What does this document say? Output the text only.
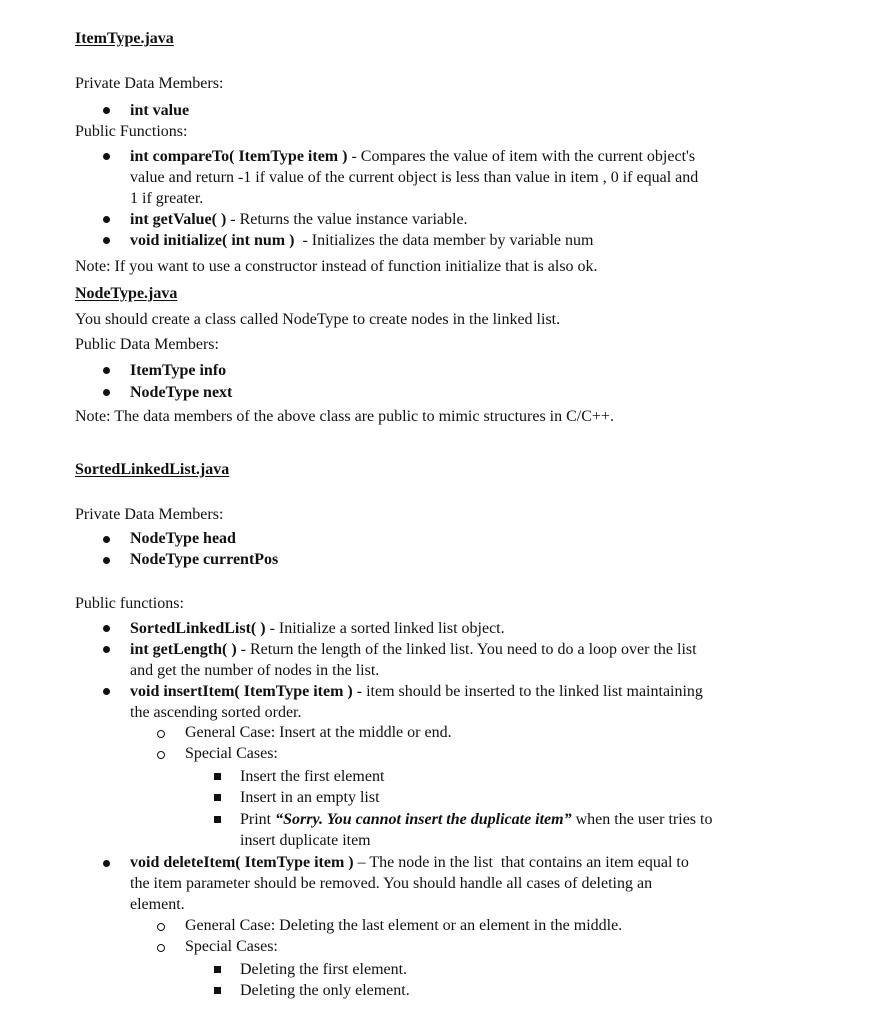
ItemType.java
Private Data Members:
int value
Public Functions:
int compareTo( ItemType item ) - Compares the value of item with the current object's
value and return -1 if value of the current object is less than value in item , 0 if equal and
1 if greater.
int getValue( ) - Returns the value instance variable.
void initialize( int num )  - Initializes the data member by variable num
Note: If you want to use a constructor instead of function initialize that is also ok.
NodeType.java
You should create a class called NodeType to create nodes in the linked list.
Public Data Members:
ItemType info
NodeType next
Note: The data members of the above class are public to mimic structures in C/C++.
SortedLinkedList.java
Private Data Members:
NodeType head
NodeType currentPos
Public functions:
SortedLinkedList( ) - Initialize a sorted linked list object.
int getLength( ) - Return the length of the linked list. You need to do a loop over the list
and get the number of nodes in the list.
void insertItem( ItemType item ) - item should be inserted to the linked list maintaining
the ascending sorted order.
General Case: Insert at the middle or end.
Special Cases:
Insert the first element
Insert in an empty list
Print “Sorry. You cannot insert the duplicate item” when the user tries to
insert duplicate item
void deleteItem( ItemType item ) – The node in the list  that contains an item equal to
the item parameter should be removed. You should handle all cases of deleting an
element.
General Case: Deleting the last element or an element in the middle.
Special Cases:
Deleting the first element.
Deleting the only element.
